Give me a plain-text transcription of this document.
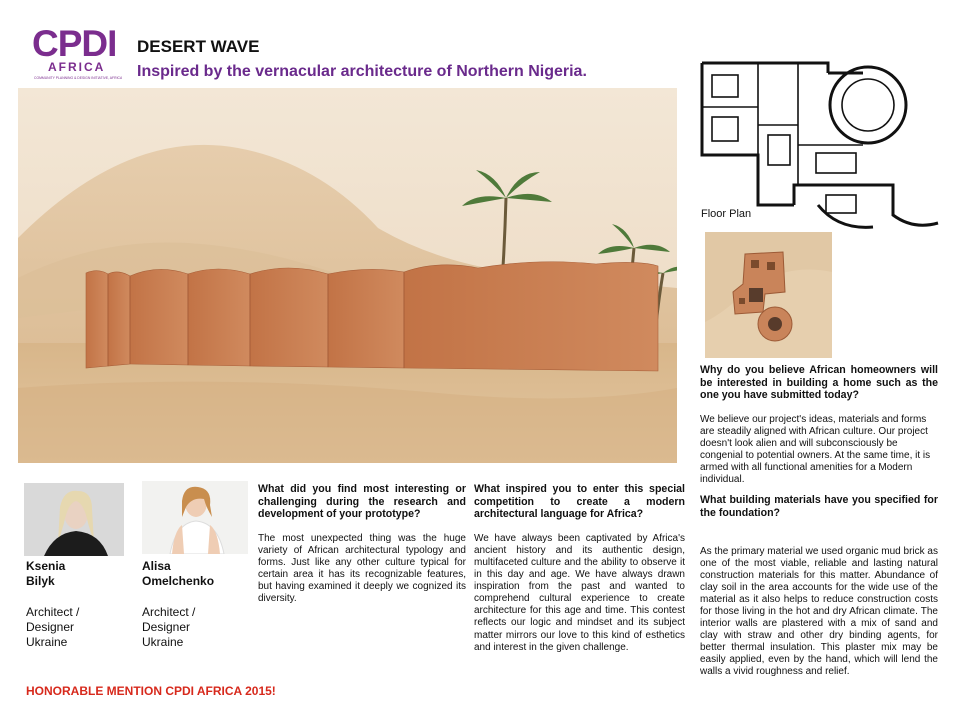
CPDI
AFRICA
COMMUNITY PLANNING & DESIGN INITIATIVE, AFRICA
DESERT WAVE
Inspired by the vernacular architecture of Northern Nigeria.
Floor Plan
Ksenia
Bilyk
Architect /
Designer
Ukraine
Alisa
Omelchenko
Architect /
Designer
Ukraine
What did you find most interesting or challenging during the research and development of your prototype?
The most unexpected thing was the huge variety of African architectural typology and forms. Just like any other culture typical for certain area it has its recognizable features, but having examined it deeply we cognized its diversity.
What inspired you to enter this special competition to create a modern architectural language for Africa?
We have always been captivated by Africa's ancient history and its authentic design, multifaceted culture and the ability to observe it in this day and age. We have always drawn inspiration from the past and wanted to comprehend cultural experience to create architecture for this age and time. This contest reflects our logic and mindset and its subject matter mirrors our love to this kind of esthetics and interest in the given challenge.
Why do you believe African homeowners will be interested in building a home such as the one you have submitted today?
We believe our project's ideas, materials and forms are steadily aligned with African culture. Our project doesn't look alien and will subconsciously be congenial to potential owners. At the same time, it is armed with all functional amenities for a Modern individual.
What building materials have you specified for the foundation?
As the primary material we used organic mud brick as one of the most viable, reliable and lasting natural construction materials for this matter. Abundance of clay soil in the area accounts for the wide use of the material as it also helps to reduce construction costs for those living in the hot and dry African climate. The interior walls are plastered with a mix of sand and clay with straw and other dry binding agents, for better thermal insulation. This plaster mix may be easily applied, even by the hand, which will lend the walls a vivid roughness and relief.
HONORABLE MENTION CPDI AFRICA 2015!
